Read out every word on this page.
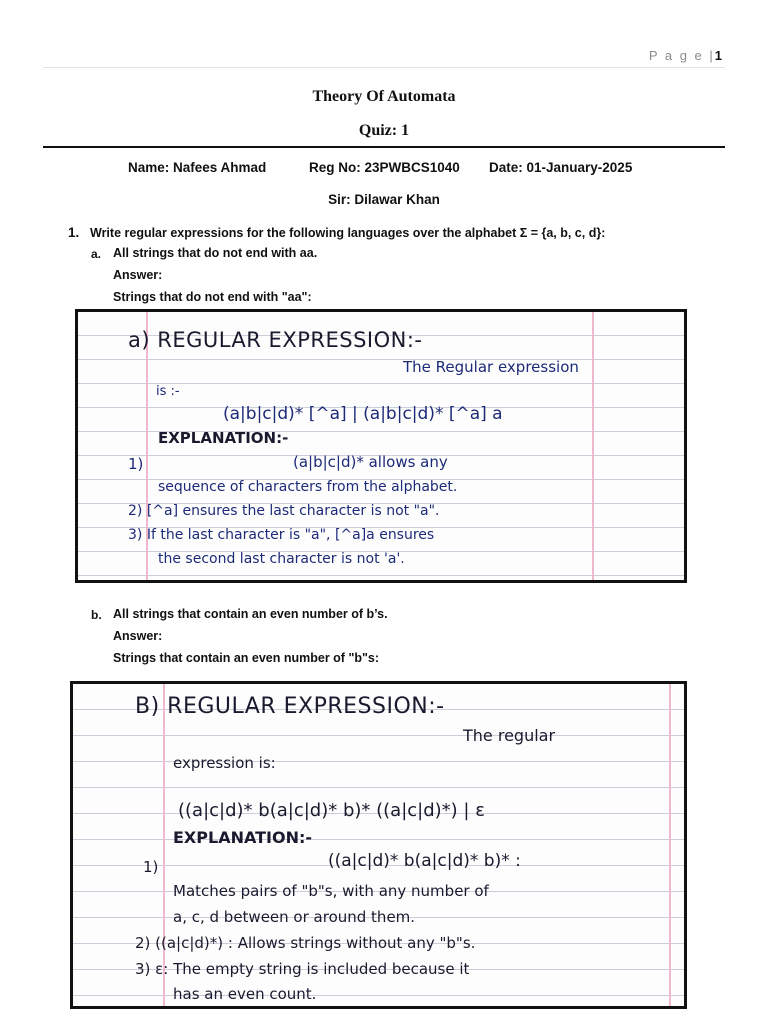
P a g e |1
Theory Of Automata
Quiz: 1
Name: Nafees Ahmad	Reg No: 23PWBCS1040 Date: 01-January-2025
Sir: Dilawar Khan
1. Write regular expressions for the following languages over the alphabet Σ = {a, b, c, d}:
a. All strings that do not end with aa.
Answer:
Strings that do not end with "aa":
a) REGULAR EXPRESSION:-
The Regular expression
is :-
(a|b|c|d)* [^a] | (a|b|c|d)* [^a] a
EXPLANATION:-
1)	(a|b|c|d)* allows any
sequence of characters from the alphabet.
2) [^a] ensures the last character is not "a".
3) If the last character is "a", [^a]a ensures
the second last character is not 'a'.
b. All strings that contain an even number of b’s.
Answer:
Strings that contain an even number of "b"s:
B) REGULAR EXPRESSION:-
The regular
expression is:
((a|c|d)* b(a|c|d)* b)* ((a|c|d)*) | ε
EXPLANATION:-
1)	((a|c|d)* b(a|c|d)* b)* :
Matches pairs of "b"s, with any number of
a, c, d between or around them.
2) ((a|c|d)*) : Allows strings without any "b"s.
3) ε: The empty string is included because it
has an even count.
